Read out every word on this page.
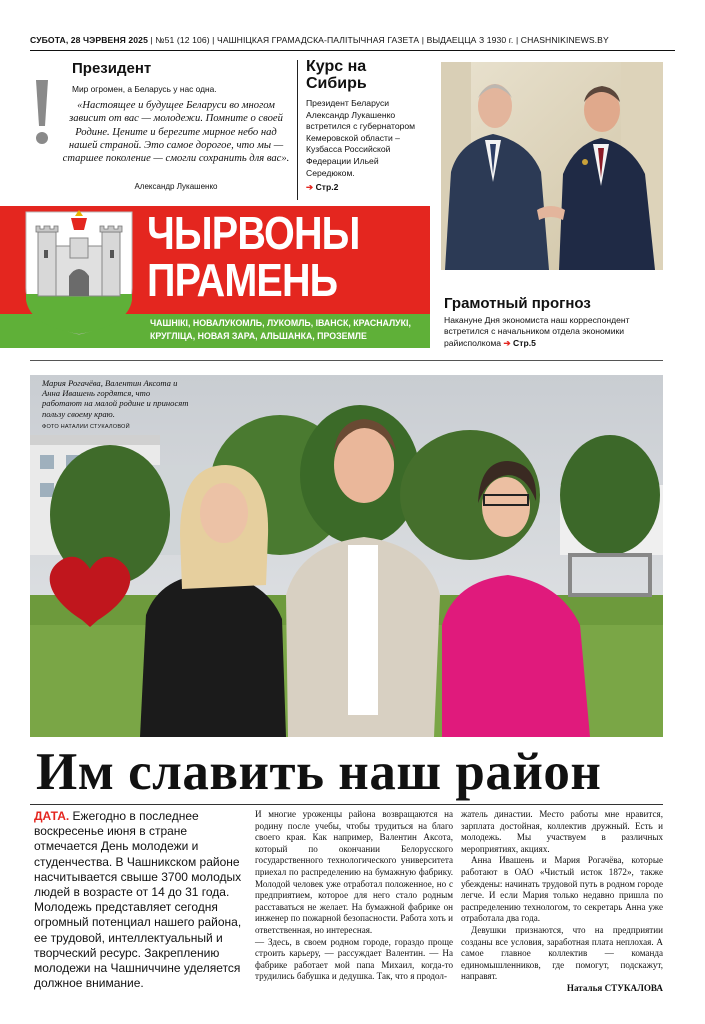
СУБОТА, 28 ЧЭРВЕНЯ 2025 | №51 (12 106) | ЧАШНІЦКАЯ ГРАМАДСКА-ПАЛІТЫЧНАЯ ГАЗЕТА | ВЫДАЕЦЦА З 1930 г. | CHASHNIKINEWS.BY
Президент
Мир огромен, а Беларусь у нас одна.
«Настоящее и будущее Беларуси во многом зависит от вас — молодежи. Помните о своей Родине. Цените и берегите мирное небо над нашей страной. Это самое дорогое, что мы — старшее поколение — смогли сохранить для вас».
Александр Лукашенко
Курс на Сибирь
Президент Беларуси Александр Лукашенко встретился с губернатором Кемеровской области – Кузбасса Российской Федерации Ильей Середюком.
➔ Стр.2
ЧЫРВОНЫ
ПРАМЕНЬ
ЧАШНІКІ, НОВАЛУКОМЛЬ, ЛУКОМЛЬ, ІВАНСК, КРАСНАЛУКІ,
КРУГЛІЦА, НОВАЯ ЗАРА, АЛЬШАНКА, ПРОЗЕМЛЕ
Грамотный прогноз
Накануне Дня экономиста наш корреспондент встретился с начальником отдела экономики райисполкома ➔ Стр.5
Мария Рогачёва, Валентин Аксота и Анна Ивашень гордятся, что работают на малой родине и приносят пользу своему краю.
ФОТО НАТАЛИИ СТУКАЛОВОЙ
Им славить наш район
ДАТА. Ежегодно в последнее воскресенье июня в стране отмечается День молодежи и студенчества. В Чашникском районе насчитывается свыше 3700 молодых людей в возрасте от 14 до 31 года. Молодежь представляет сегодня огромный потенциал нашего района, ее трудовой, интеллектуальный и творческий ресурс. Закреплению молодежи на Чашниччине уделяется должное внимание.
И многие уроженцы района возвращаются на родину после учебы, чтобы трудиться на благо своего края. Как например, Валентин Аксота, который по окончании Белорусского государственного технологического университета приехал по распределению на бумажную фабрику. Молодой человек уже отработал положенное, но с предприятием, которое для него стало родным расставаться не желает. На бумажной фабрике он инженер по пожарной безопасности. Работа хоть и ответственная, но интересная.
— Здесь, в своем родном городе, гораздо проще строить карьеру, — рассуждает Валентин. — На фабрике работает мой папа Михаил, когда-то трудились бабушка и дедушка. Так, что я продол-
жатель династии. Место работы мне нравится, зарплата достойная, коллектив дружный. Есть и молодежь. Мы участвуем в различных мероприятиях, акциях.
Анна Ивашень и Мария Рогачёва, которые работают в ОАО «Чистый исток 1872», также убеждены: начинать трудовой путь в родном городе легче. И если Мария только недавно пришла по распределению технологом, то секретарь Анна уже отработала два года.
Девушки признаются, что на предприятии созданы все условия, заработная плата неплохая. А самое главное коллектив — команда единомышленников, где помогут, подскажут, направят.
Наталья СТУКАЛОВА
